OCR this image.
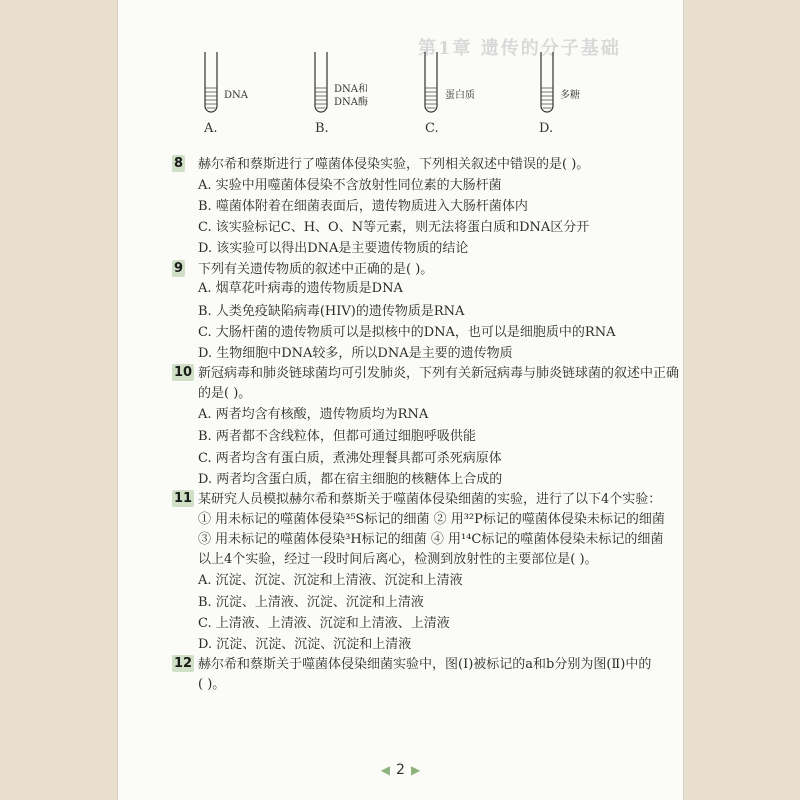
第1章 遗传的分子基础
DNA
A.
DNA和
DNA酶
B.
蛋白质
C.
多糖
D.
8 赫尔希和蔡斯进行了噬菌体侵染实验，下列相关叙述中错误的是( )。
A. 实验中用噬菌体侵染不含放射性同位素的大肠杆菌
B. 噬菌体附着在细菌表面后，遗传物质进入大肠杆菌体内
C. 该实验标记C、H、O、N等元素，则无法将蛋白质和DNA区分开
D. 该实验可以得出DNA是主要遗传物质的结论
9 下列有关遗传物质的叙述中正确的是( )。
A. 烟草花叶病毒的遗传物质是DNA
B. 人类免疫缺陷病毒(HIV)的遗传物质是RNA
C. 大肠杆菌的遗传物质可以是拟核中的DNA，也可以是细胞质中的RNA
D. 生物细胞中DNA较多，所以DNA是主要的遗传物质
10 新冠病毒和肺炎链球菌均可引发肺炎，下列有关新冠病毒与肺炎链球菌的叙述中正确
的是( )。
A. 两者均含有核酸，遗传物质均为RNA
B. 两者都不含线粒体，但都可通过细胞呼吸供能
C. 两者均含有蛋白质，煮沸处理餐具都可杀死病原体
D. 两者均含蛋白质，都在宿主细胞的核糖体上合成的
11 某研究人员模拟赫尔希和蔡斯关于噬菌体侵染细菌的实验，进行了以下4个实验：
① 用未标记的噬菌体侵染³⁵S标记的细菌 ② 用³²P标记的噬菌体侵染未标记的细菌
③ 用未标记的噬菌体侵染³H标记的细菌 ④ 用¹⁴C标记的噬菌体侵染未标记的细菌
以上4个实验，经过一段时间后离心，检测到放射性的主要部位是( )。
A. 沉淀、沉淀、沉淀和上清液、沉淀和上清液
B. 沉淀、上清液、沉淀、沉淀和上清液
C. 上清液、上清液、沉淀和上清液、上清液
D. 沉淀、沉淀、沉淀、沉淀和上清液
12 赫尔希和蔡斯关于噬菌体侵染细菌实验中，图(Ⅰ)被标记的a和b分别为图(Ⅱ)中的
( )。
◀ 2 ▶
